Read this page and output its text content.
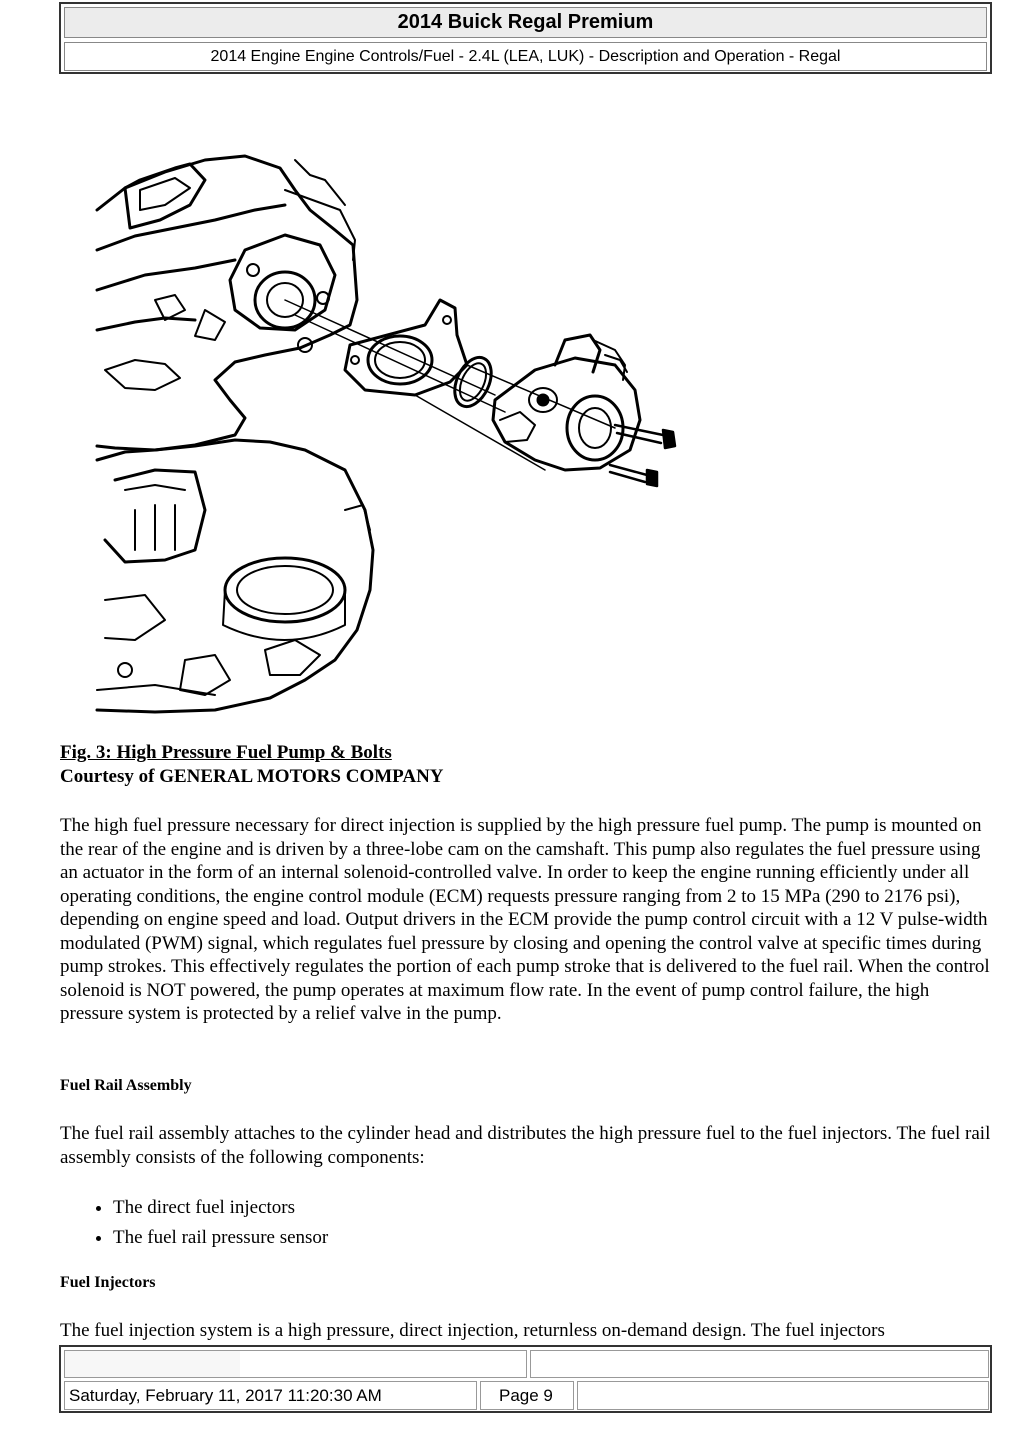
2014 Buick Regal Premium
2014 Engine Engine Controls/Fuel - 2.4L (LEA, LUK) - Description and Operation - Regal
Fig. 3: High Pressure Fuel Pump & Bolts
Courtesy of GENERAL MOTORS COMPANY
The high fuel pressure necessary for direct injection is supplied by the high pressure fuel pump. The pump is mounted on the rear of the engine and is driven by a three-lobe cam on the camshaft. This pump also regulates the fuel pressure using an actuator in the form of an internal solenoid-controlled valve. In order to keep the engine running efficiently under all operating conditions, the engine control module (ECM) requests pressure ranging from 2 to 15 MPa (290 to 2176 psi), depending on engine speed and load. Output drivers in the ECM provide the pump control circuit with a 12 V pulse-width modulated (PWM) signal, which regulates fuel pressure by closing and opening the control valve at specific times during pump strokes. This effectively regulates the portion of each pump stroke that is delivered to the fuel rail. When the control solenoid is NOT powered, the pump operates at maximum flow rate. In the event of pump control failure, the high pressure system is protected by a relief valve in the pump.
Fuel Rail Assembly
The fuel rail assembly attaches to the cylinder head and distributes the high pressure fuel to the fuel injectors. The fuel rail assembly consists of the following components:
• The direct fuel injectors
• The fuel rail pressure sensor
Fuel Injectors
The fuel injection system is a high pressure, direct injection, returnless on-demand design. The fuel injectors
Saturday, February 11, 2017 11:20:30 AM	Page 9
